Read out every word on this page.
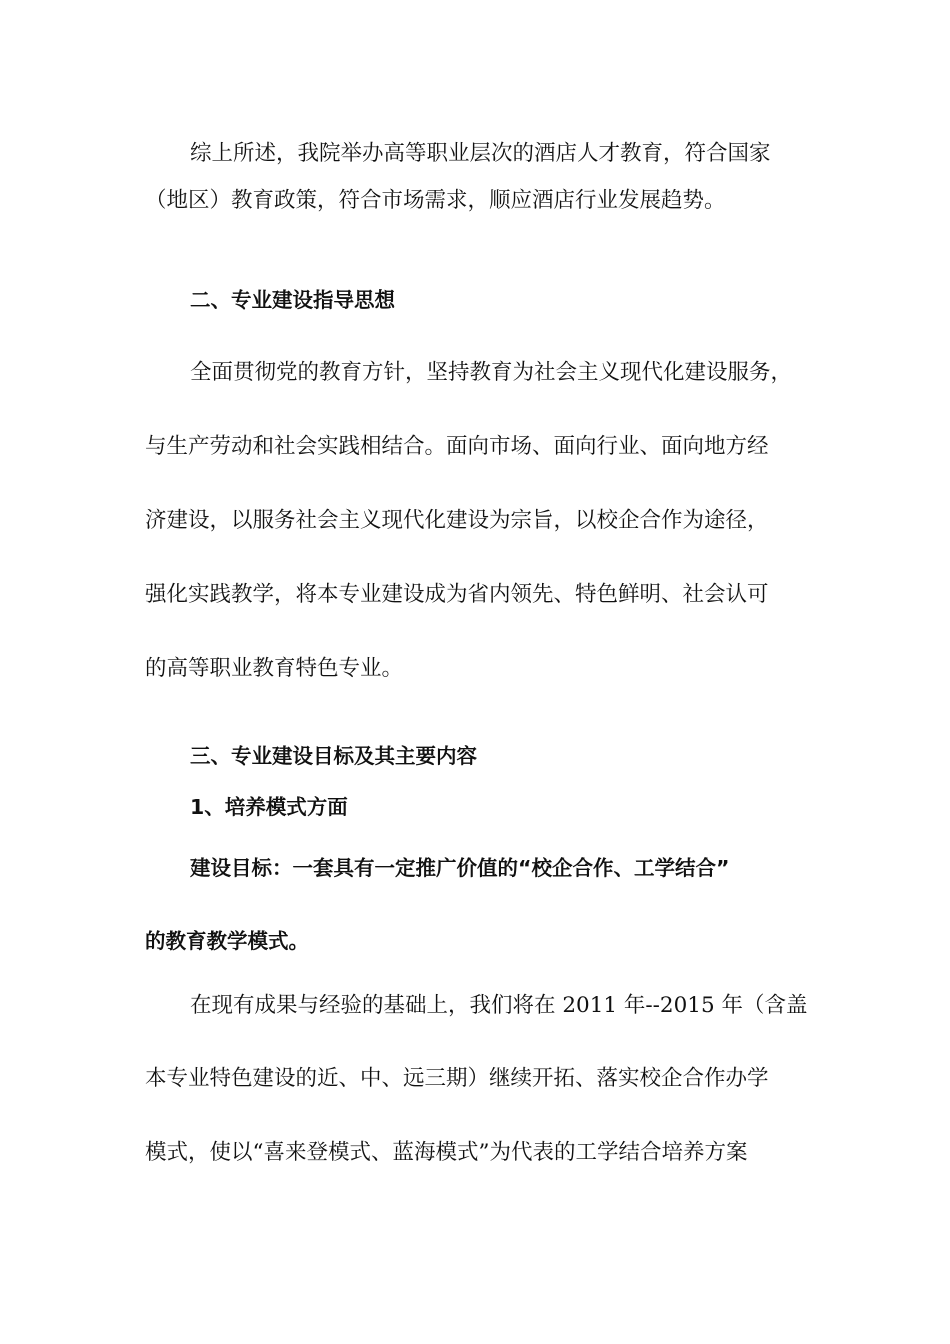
综上所述，我院举办高等职业层次的酒店人才教育，符合国家

（地区）教育政策，符合市场需求，顺应酒店行业发展趋势。

二、专业建设指导思想

全面贯彻党的教育方针，坚持教育为社会主义现代化建设服务，

与生产劳动和社会实践相结合。面向市场、面向行业、面向地方经

济建设，以服务社会主义现代化建设为宗旨，以校企合作为途径，

强化实践教学，将本专业建设成为省内领先、特色鲜明、社会认可

的高等职业教育特色专业。

三、专业建设目标及其主要内容

1、培养模式方面

建设目标：一套具有一定推广价值的“校企合作、工学结合”

的教育教学模式。

在现有成果与经验的基础上，我们将在 2011 年--2015 年（含盖

本专业特色建设的近、中、远三期）继续开拓、落实校企合作办学

模式，使以“喜来登模式、蓝海模式”为代表的工学结合培养方案
